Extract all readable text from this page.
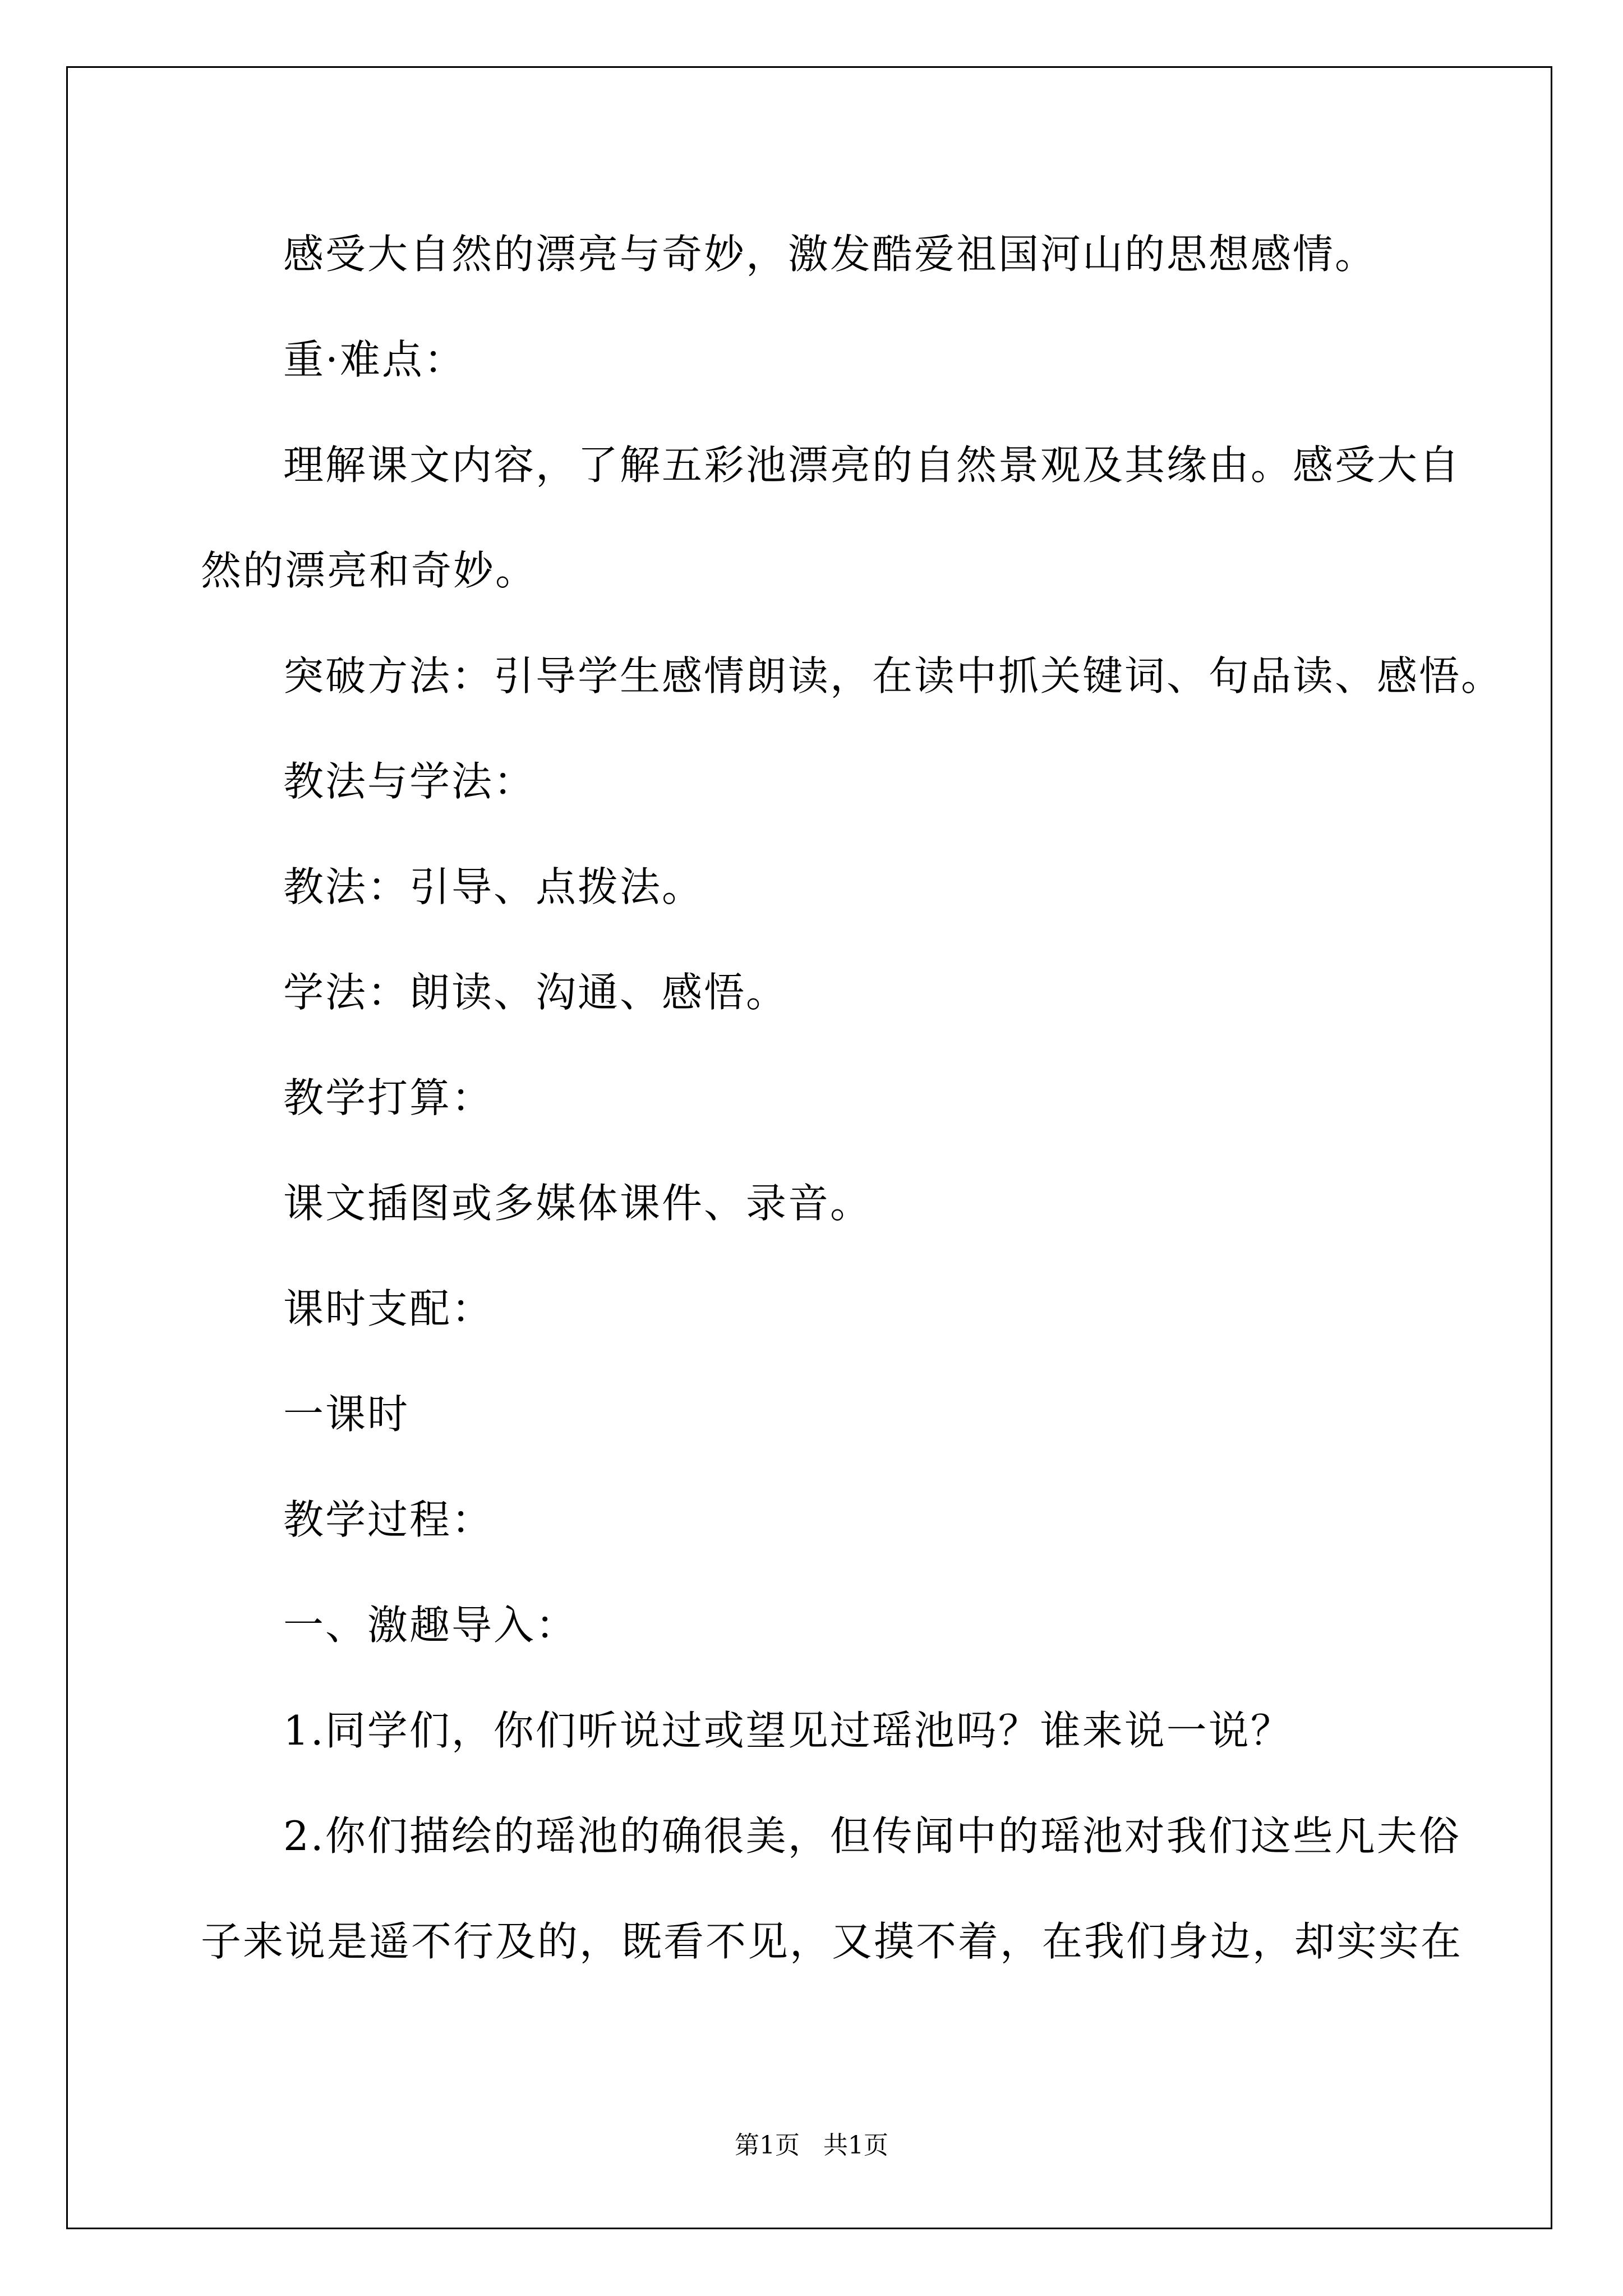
感受大自然的漂亮与奇妙，激发酷爱祖国河山的思想感情。

重·难点：

理解课文内容，了解五彩池漂亮的自然景观及其缘由。感受大自

然的漂亮和奇妙。

突破方法：引导学生感情朗读，在读中抓关键词、句品读、感悟。

教法与学法：

教法：引导、点拨法。

学法：朗读、沟通、感悟。

教学打算：

课文插图或多媒体课件、录音。

课时支配：

一课时

教学过程：

一、激趣导入：

1.同学们，你们听说过或望见过瑶池吗？谁来说一说？

2.你们描绘的瑶池的确很美，但传闻中的瑶池对我们这些凡夫俗

子来说是遥不行及的，既看不见，又摸不着，在我们身边，却实实在

第1页 共1页
